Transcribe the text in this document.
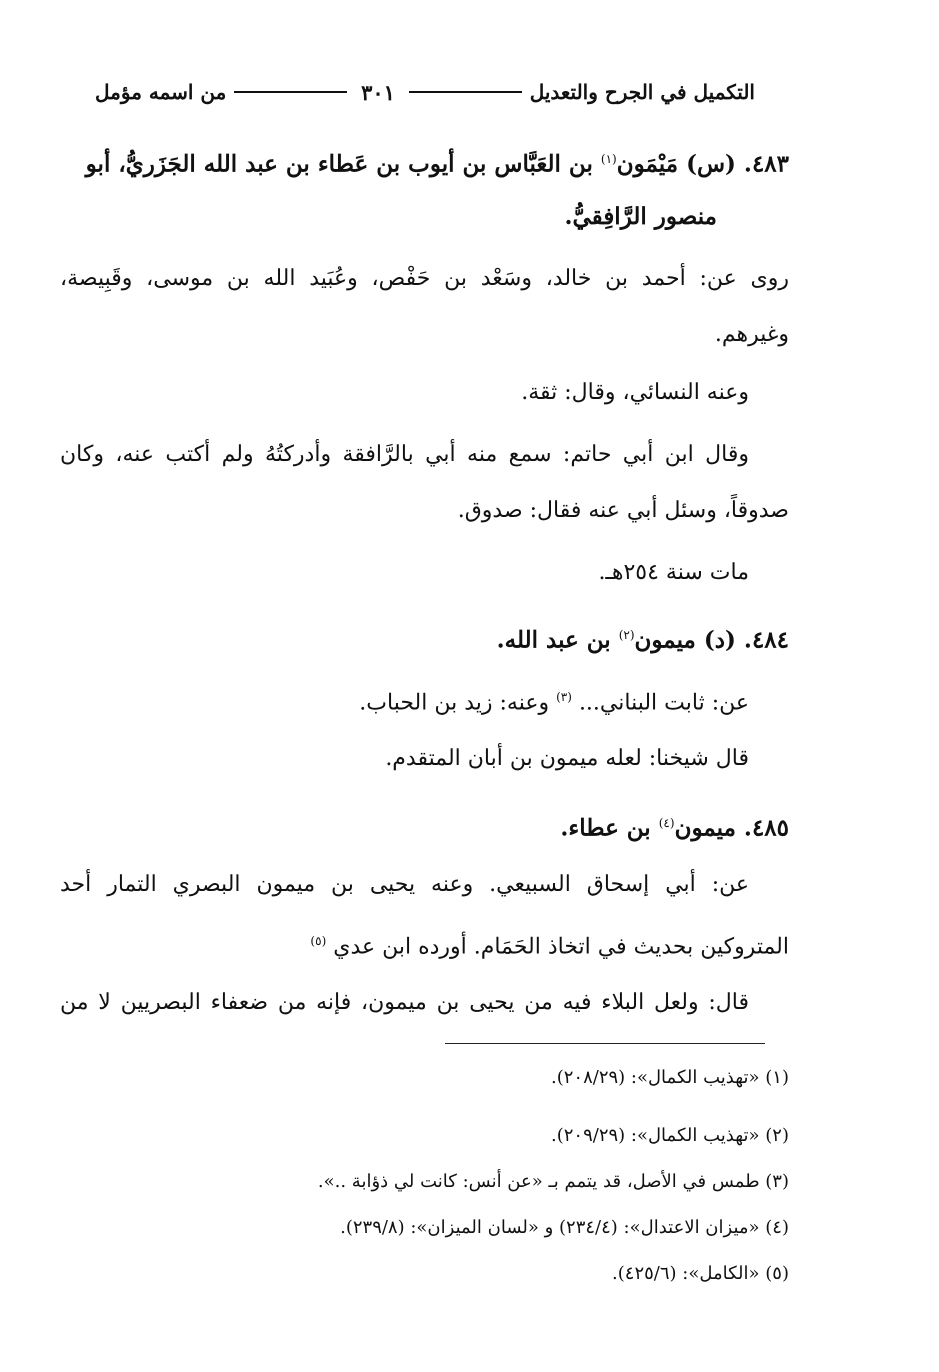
التكميل في الجرح والتعديل
٣٠١
من اسمه مؤمل
٤٨٣. (س) مَيْمَون$^{(١)}$ بن العَبَّاس بن أيوب بن عَطاء بن عبد الله الجَزَريُّ، أبو
منصور الرَّافِقيُّ.
روى عن: أحمد بن خالد، وسَعْد بن حَفْص، وعُبَيد الله بن موسى، وقَبِيصة،
وغيرهم.
وعنه النسائي، وقال: ثقة.
وقال ابن أبي حاتم: سمع منه أبي بالرَّافقة وأدركتُهُ ولم أكتب عنه، وكان
صدوقاً، وسئل أبي عنه فقال: صدوق.
مات سنة ٢٥٤هـ.
٤٨٤. (د) ميمون$^{(٢)}$ بن عبد الله.
عن: ثابت البناني... $^{(٣)}$ وعنه: زيد بن الحباب.
قال شيخنا: لعله ميمون بن أبان المتقدم.
٤٨٥. ميمون$^{(٤)}$ بن عطاء.
عن: أبي إسحاق السبيعي. وعنه يحيى بن ميمون البصري التمار أحد
المتروكين بحديث في اتخاذ الحَمَام. أورده ابن عدي $^{(٥)}$
قال: ولعل البلاء فيه من يحيى بن ميمون، فإنه من ضعفاء البصريين لا من
(١) «تهذيب الكمال»: (٢٠٨/٢٩).
(٢) «تهذيب الكمال»: (٢٠٩/٢٩).
(٣) طمس في الأصل، قد يتمم بـ «عن أنس: كانت لي ذؤابة ..».
(٤) «ميزان الاعتدال»: (٢٣٤/٤) و «لسان الميزان»: (٢٣٩/٨).
(٥) «الكامل»: (٤٢٥/٦).
